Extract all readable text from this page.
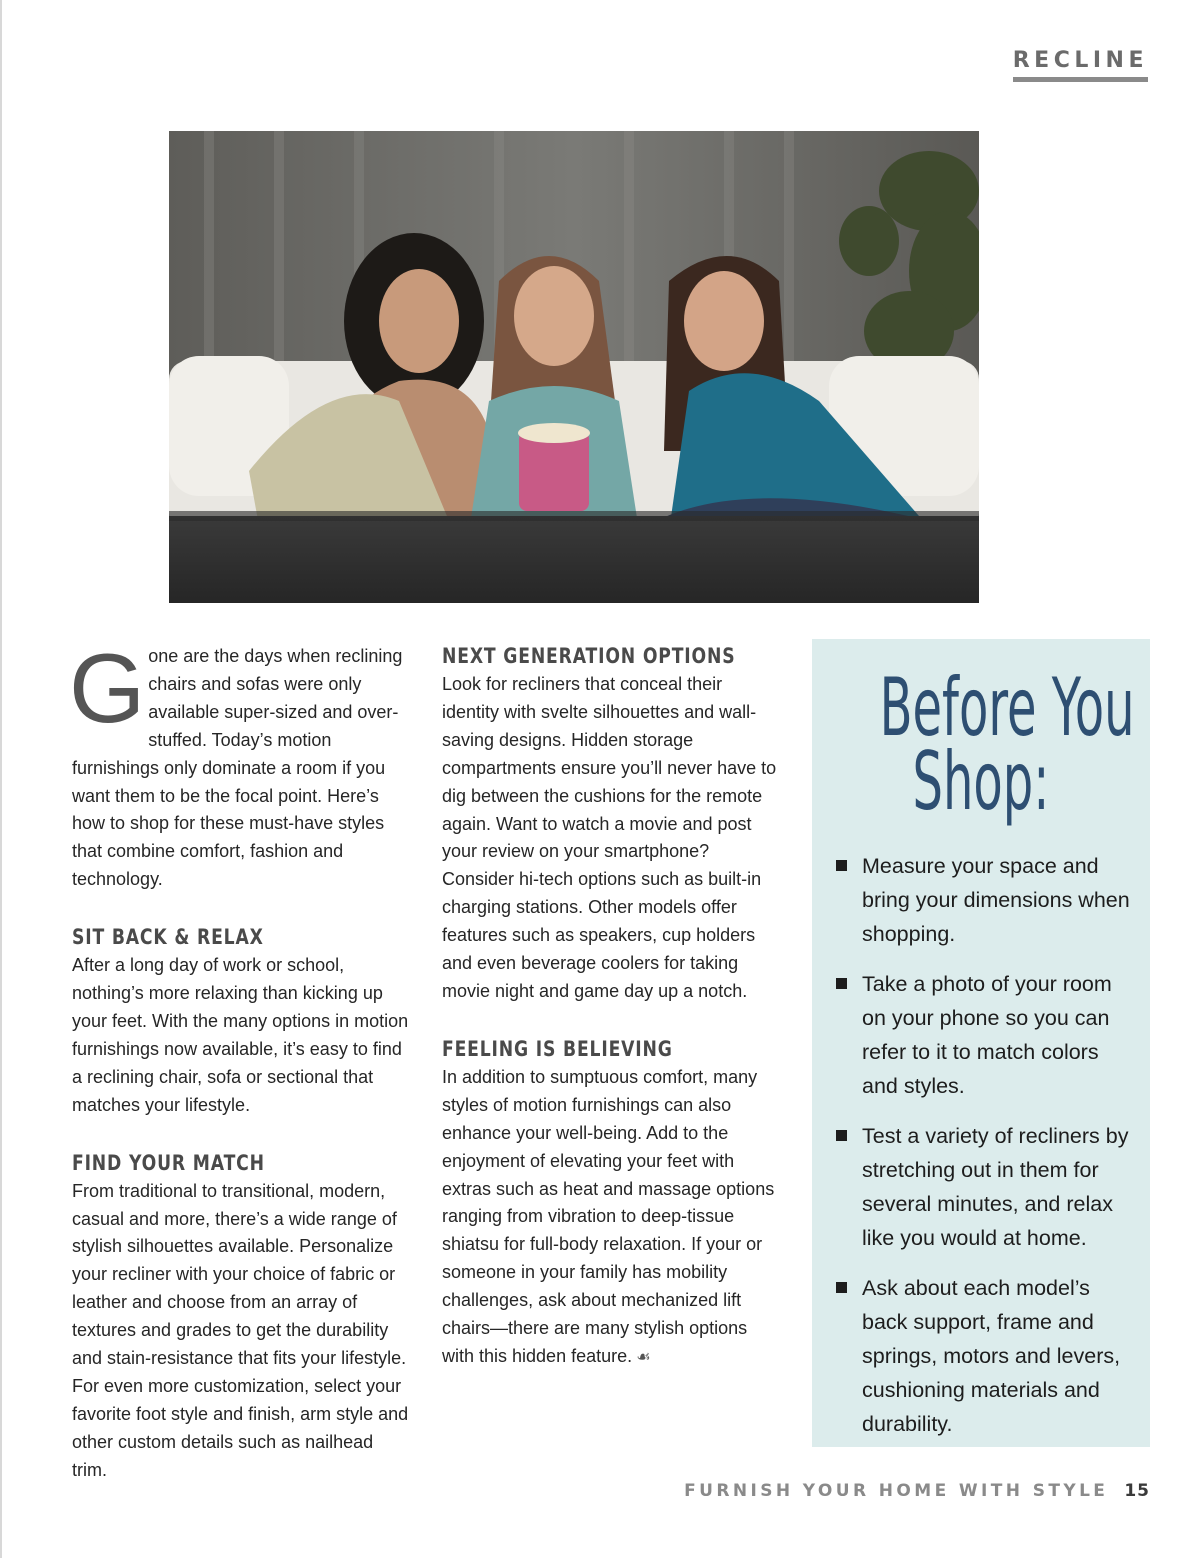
RECLINE
G one are the days when reclining chairs and sofas were only available super-sized and over-stuffed. Today’s motion furnishings only dominate a room if you want them to be the focal point. Here’s how to shop for these must-have styles that combine comfort, fashion and technology.

SIT BACK & RELAX

After a long day of work or school, nothing’s more relaxing than kicking up your feet. With the many options in motion furnishings now available, it’s easy to find a reclining chair, sofa or sectional that matches your lifestyle.

FIND YOUR MATCH

From traditional to transitional, modern, casual and more, there’s a wide range of stylish silhouettes available. Personalize your recliner with your choice of fabric or leather and choose from an array of textures and grades to get the durability and stain-resistance that fits your lifestyle. For even more customization, select your favorite foot style and finish, arm style and other custom details such as nailhead trim.

NEXT GENERATION OPTIONS

Look for recliners that conceal their identity with svelte silhouettes and wall-saving designs. Hidden storage compartments ensure you’ll never have to dig between the cushions for the remote again. Want to watch a movie and post your review on your smartphone? Consider hi-tech options such as built-in charging stations. Other models offer features such as speakers, cup holders and even beverage coolers for taking movie night and game day up a notch.

FEELING IS BELIEVING

In addition to sumptuous comfort, many styles of motion furnishings can also enhance your well-being. Add to the enjoyment of elevating your feet with extras such as heat and massage options ranging from vibration to deep-tissue shiatsu for full-body relaxation. If your or someone in your family has mobility challenges, ask about mechanized lift chairs—there are many stylish options with this hidden feature. ☙

Before You
Shop:
Measure your space and bring your dimensions when shopping.
Take a photo of your room on your phone so you can refer to it to match colors and styles.
Test a variety of recliners by stretching out in them for several minutes, and relax like you would at home.
Ask about each model’s back support, frame and springs, motors and levers, cushioning materials and durability.
FURNISH YOUR HOME WITH STYLE 15
